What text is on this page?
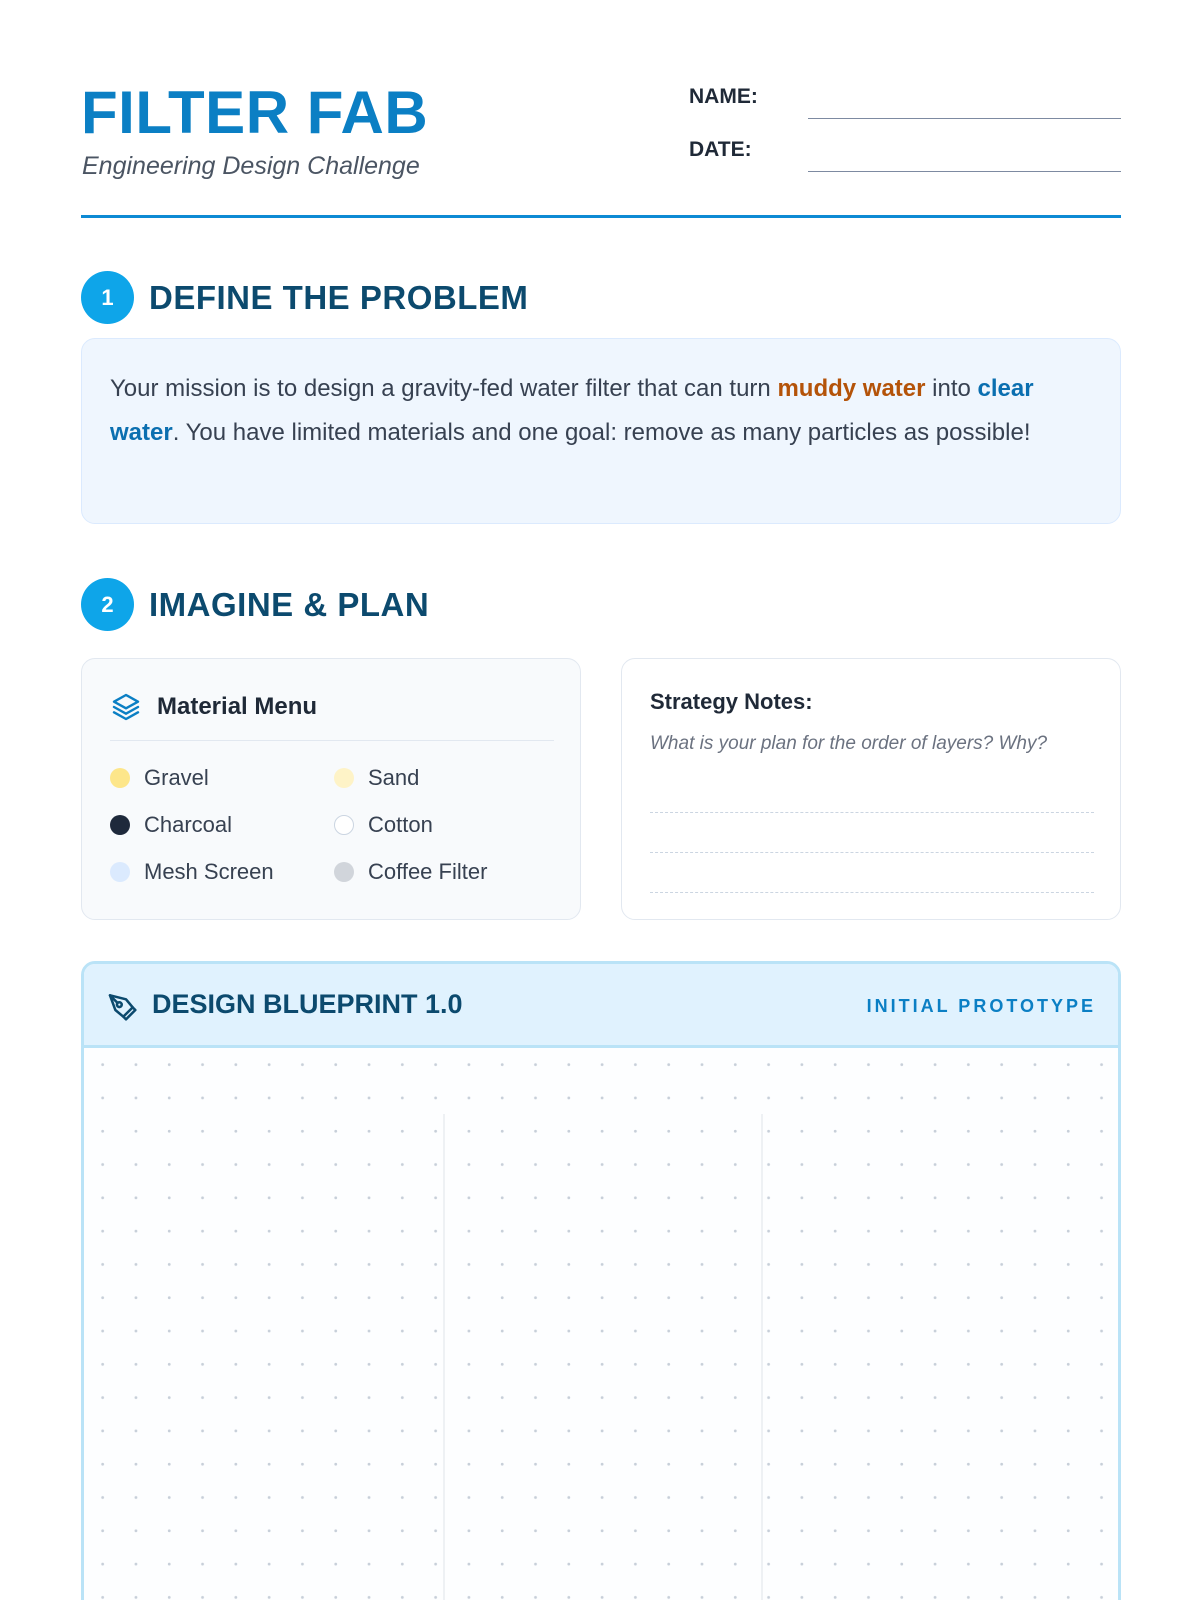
FILTER FAB
Engineering Design Challenge
NAME:
DATE:
1	DEFINE THE PROBLEM
Your mission is to design a gravity-fed water filter that can turn muddy water into clear water. You have limited materials and one goal: remove as many particles as possible!
2	IMAGINE & PLAN
Material Menu
Gravel	Sand
Charcoal	Cotton
Mesh Screen	Coffee Filter
Strategy Notes:
What is your plan for the order of layers? Why?
DESIGN BLUEPRINT 1.0	INITIAL PROTOTYPE
